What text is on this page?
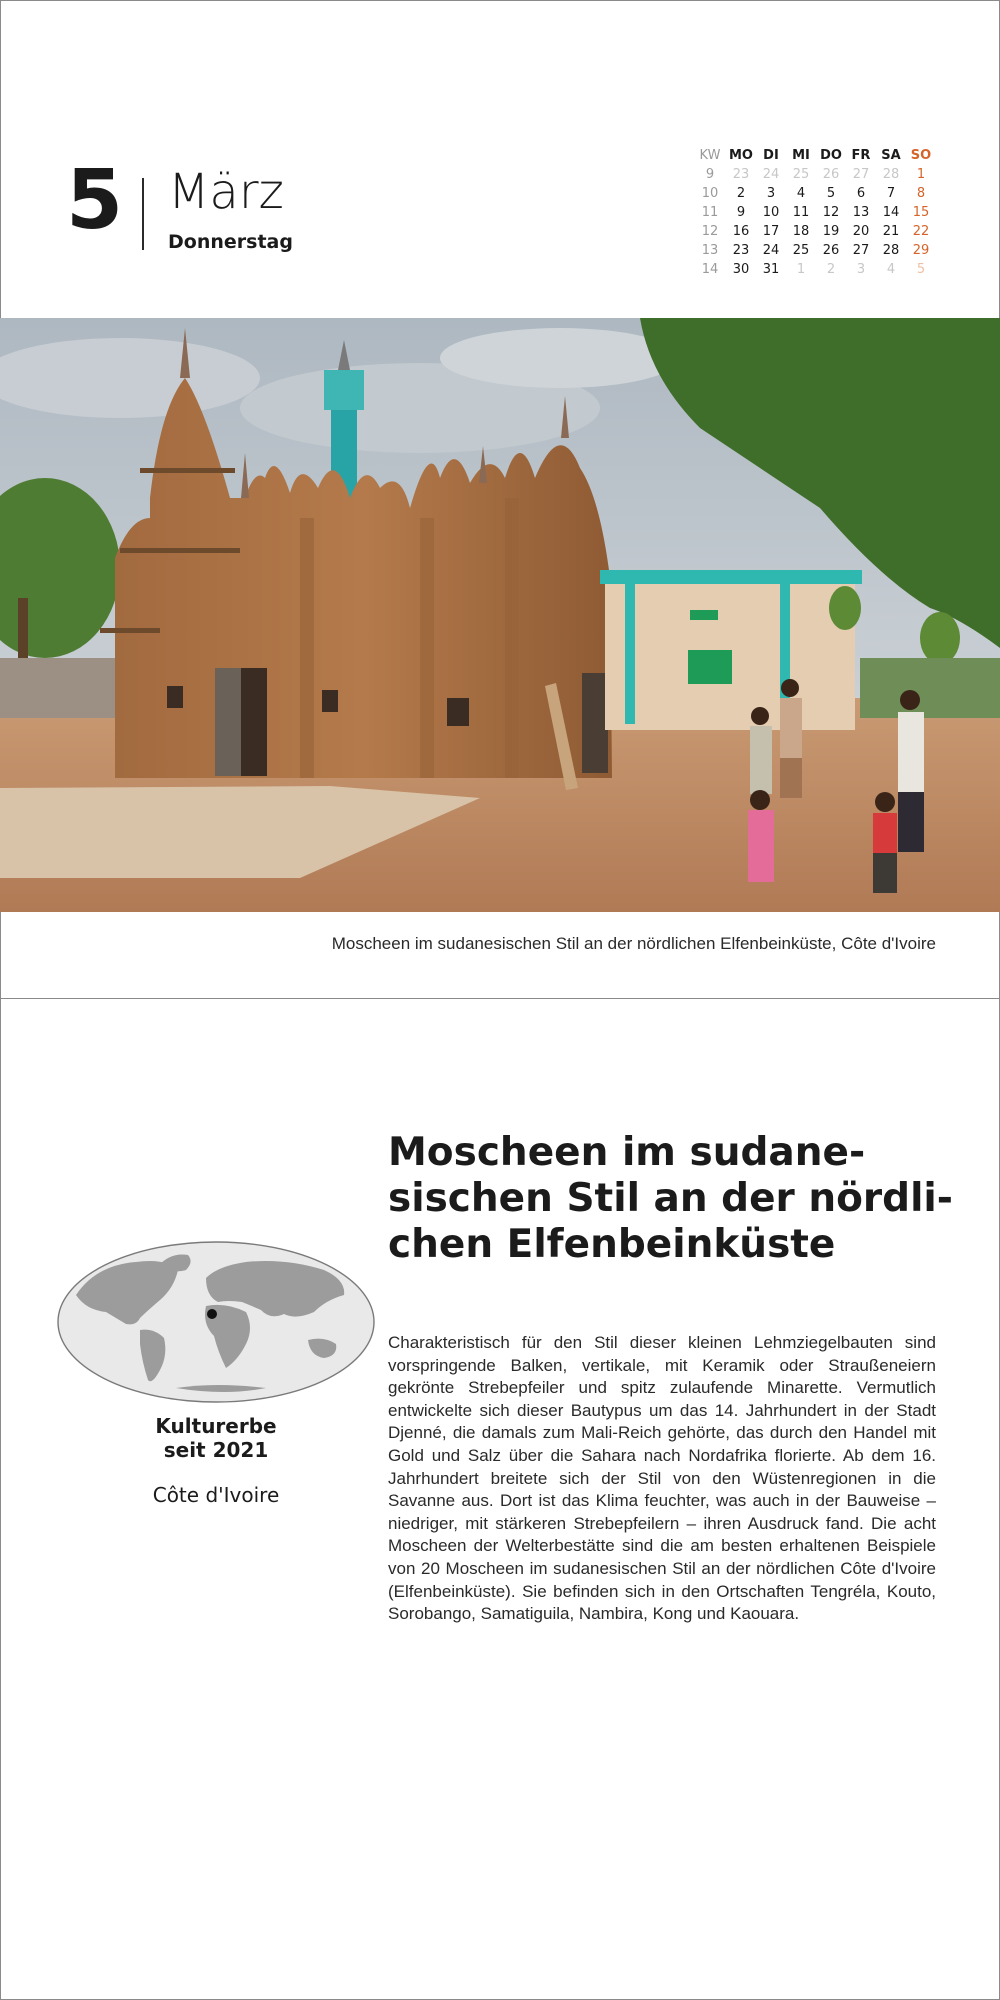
5 März
Donnerstag
KW MO DI	MI DO FR SA SO
9	23	24	25	26	27	28	1
10	2	3	4	5	6	7	8
11	9	10	11	12	13	14	15
12	16	17	18	19	20	21	22
13	23	24	25	26	27	28	29
14	30	31	1	2	3	4	5
Moscheen im sudanesischen Stil an der nördlichen Elfenbeinküste, Côte d'Ivoire
Kulturerbe
seit 2021
Côte d'Ivoire
Moscheen im sudane-
sischen Stil an der nördli-
chen Elfenbeinküste

Charakteristisch für den Stil dieser kleinen Lehmziegelbauten sind vorspringende Balken, vertikale, mit Keramik oder Straußeneiern gekrönte Strebepfeiler und spitz zulaufende Minarette. Vermutlich entwickelte sich dieser Bautypus um das 14. Jahrhundert in der Stadt Djenné, die damals zum Mali-Reich gehörte, das durch den Handel mit Gold und Salz über die Sahara nach Nordafrika florierte. Ab dem 16. Jahrhundert breitete sich der Stil von den Wüstenregionen in die Savanne aus. Dort ist das Klima feuchter, was auch in der Bauweise – niedriger, mit stärkeren Strebepfeilern – ihren Ausdruck fand. Die acht Moscheen der Welterbestätte sind die am besten erhaltenen Beispiele von 20 Moscheen im sudanesischen Stil an der nördlichen Côte d'Ivoire (Elfenbeinküste). Sie befinden sich in den Ortschaften Tengréla, Kouto, Sorobango, Samatiguila, Nambira, Kong und Kaouara.
